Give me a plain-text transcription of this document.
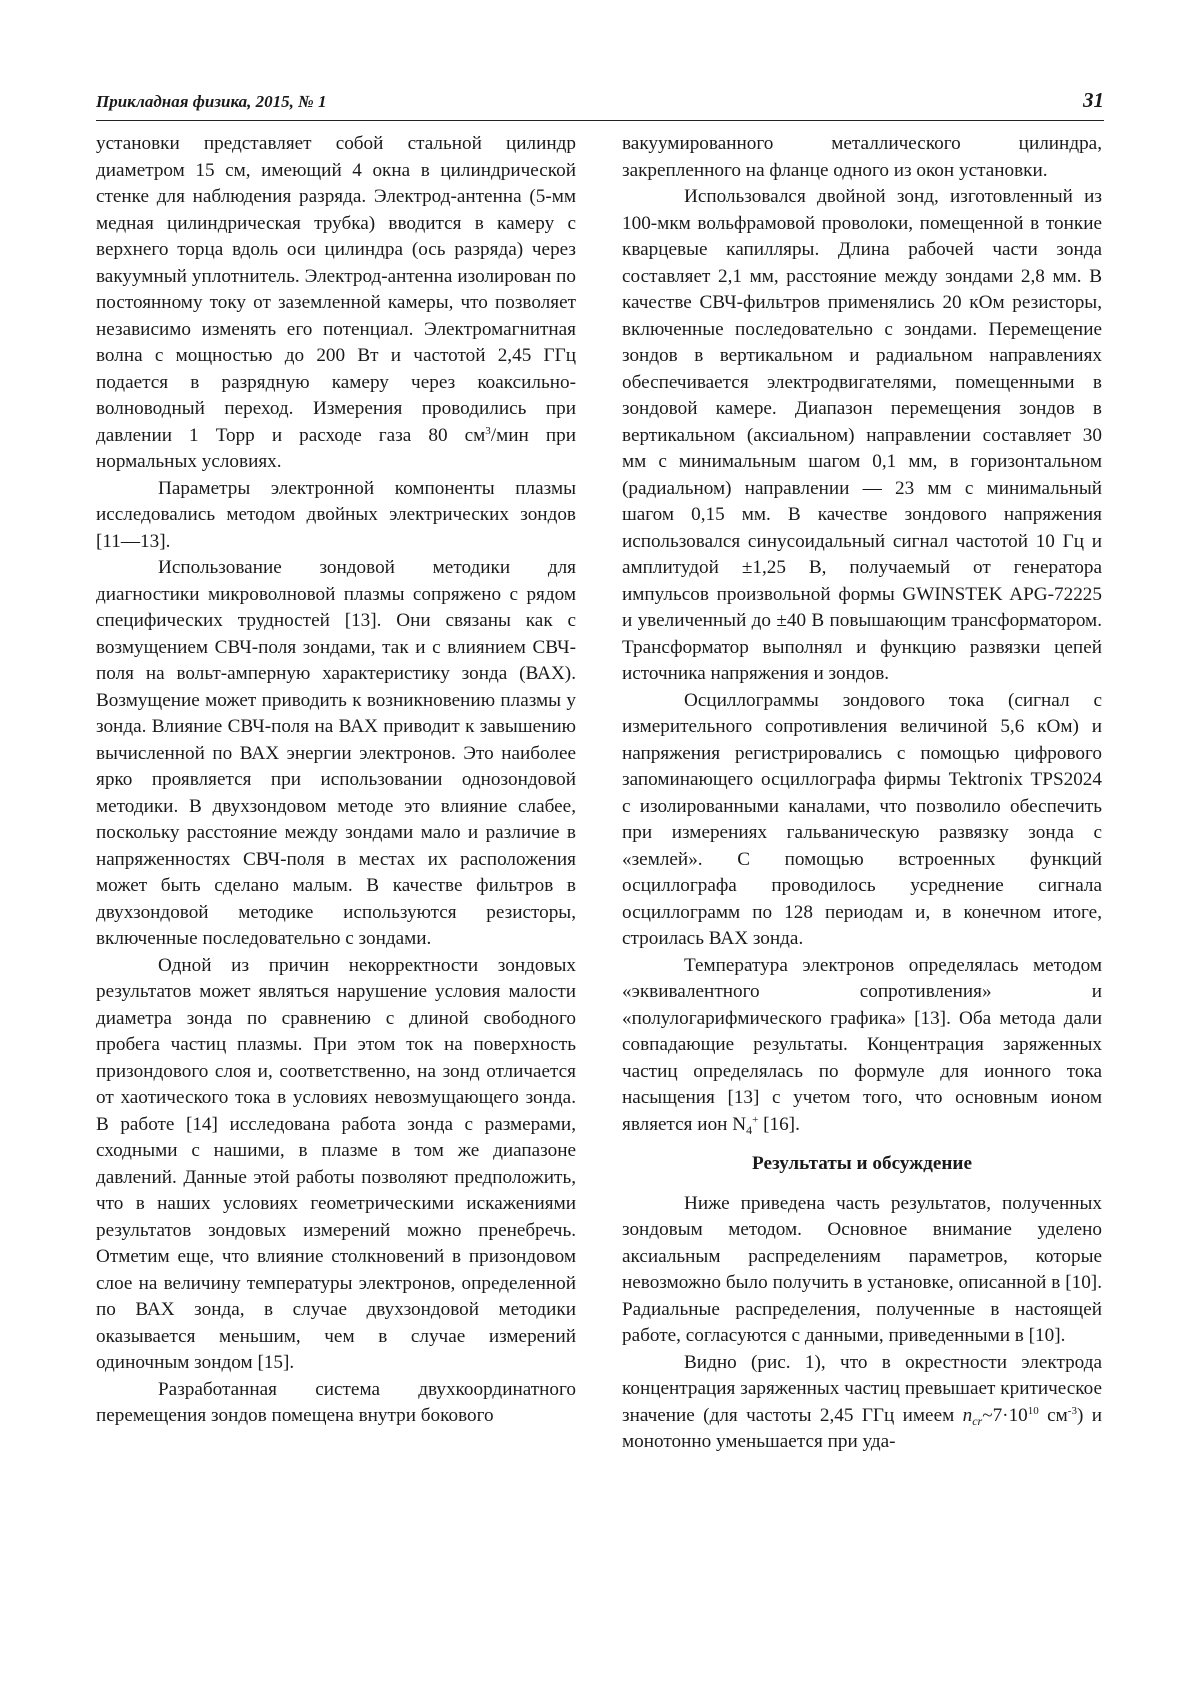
Прикладная физика, 2015, № 1	31

установки представляет собой стальной цилиндр диаметром 15 см, имеющий 4 окна в цилиндрической стенке для наблюдения разряда. Электрод-антенна (5-мм медная цилиндрическая трубка) вводится в камеру с верхнего торца вдоль оси цилиндра (ось разряда) через вакуумный уплотнитель. Электрод-антенна изолирован по постоянному току от заземленной камеры, что позволяет независимо изменять его потенциал. Электромагнитная волна с мощностью до 200 Вт и частотой 2,45 ГГц подается в разрядную камеру через коаксильно-волноводный переход. Измерения проводились при давлении 1 Торр и расходе газа 80 $см^3$/мин при нормальных условиях.

Параметры электронной компоненты плазмы исследовались методом двойных электрических зондов [11—13].

Использование зондовой методики для диагностики микроволновой плазмы сопряжено с рядом специфических трудностей [13]. Они связаны как с возмущением СВЧ-поля зондами, так и с влиянием СВЧ-поля на вольт-амперную характеристику зонда (ВАХ). Возмущение может приводить к возникновению плазмы у зонда. Влияние СВЧ-поля на ВАХ приводит к завышению вычисленной по ВАХ энергии электронов. Это наиболее ярко проявляется при использовании однозондовой методики. В двухзондовом методе это влияние слабее, поскольку расстояние между зондами мало и различие в напряженностях СВЧ-поля в местах их расположения может быть сделано малым. В качестве фильтров в двухзондовой методике используются резисторы, включенные последовательно с зондами.

Одной из причин некорректности зондовых результатов может являться нарушение условия малости диаметра зонда по сравнению с длиной свободного пробега частиц плазмы. При этом ток на поверхность призондового слоя и, соответственно, на зонд отличается от хаотического тока в условиях невозмущающего зонда. В работе [14] исследована работа зонда с размерами, сходными с нашими, в плазме в том же диапазоне давлений. Данные этой работы позволяют предположить, что в наших условиях геометрическими искажениями результатов зондовых измерений можно пренебречь. Отметим еще, что влияние столкновений в призондовом слое на величину температуры электронов, определенной по ВАХ зонда, в случае двухзондовой методики оказывается меньшим, чем в случае измерений одиночным зондом [15].

Разработанная система двухкоординатного перемещения зондов помещена внутри бокового

вакуумированного металлического цилиндра, закрепленного на фланце одного из окон установки.

Использовался двойной зонд, изготовленный из 100-мкм вольфрамовой проволоки, помещенной в тонкие кварцевые капилляры. Длина рабочей части зонда составляет 2,1 мм, расстояние между зондами 2,8 мм. В качестве СВЧ-фильтров применялись 20 кОм резисторы, включенные последовательно с зондами. Перемещение зондов в вертикальном и радиальном направлениях обеспечивается электродвигателями, помещенными в зондовой камере. Диапазон перемещения зондов в вертикальном (аксиальном) направлении составляет 30 мм с минимальным шагом 0,1 мм, в горизонтальном (радиальном) направлении — 23 мм с минимальный шагом 0,15 мм. В качестве зондового напряжения использовался синусоидальный сигнал частотой 10 Гц и амплитудой ±1,25 В, получаемый от генератора импульсов произвольной формы GWINSTEK APG-72225 и увеличенный до ±40 В повышающим трансформатором. Трансформатор выполнял и функцию развязки цепей источника напряжения и зондов.

Осциллограммы зондового тока (сигнал с измерительного сопротивления величиной 5,6 кОм) и напряжения регистрировались с помощью цифрового запоминающего осциллографа фирмы Tektronix TPS2024 с изолированными каналами, что позволило обеспечить при измерениях гальваническую развязку зонда с «землей». С помощью встроенных функций осциллографа проводилось усреднение сигнала осциллограмм по 128 периодам и, в конечном итоге, строилась ВАХ зонда.

Температура электронов определялась методом «эквивалентного сопротивления» и «полулогарифмического графика» [13]. Оба метода дали совпадающие результаты. Концентрация заряженных частиц определялась по формуле для ионного тока насыщения [13] с учетом того, что основным ионом является ион $N_4^+$ [16].

Результаты и обсуждение

Ниже приведена часть результатов, полученных зондовым методом. Основное внимание уделено аксиальным распределениям параметров, которые невозможно было получить в установке, описанной в [10]. Радиальные распределения, полученные в настоящей работе, согласуются с данными, приведенными в [10].

Видно (рис. 1), что в окрестности электрода концентрация заряженных частиц превышает критическое значение (для частоты 2,45 ГГц имеем $n_{cr}\sim 7\cdot 10^{10}$ $см^{-3}$) и монотонно уменьшается при уда-
